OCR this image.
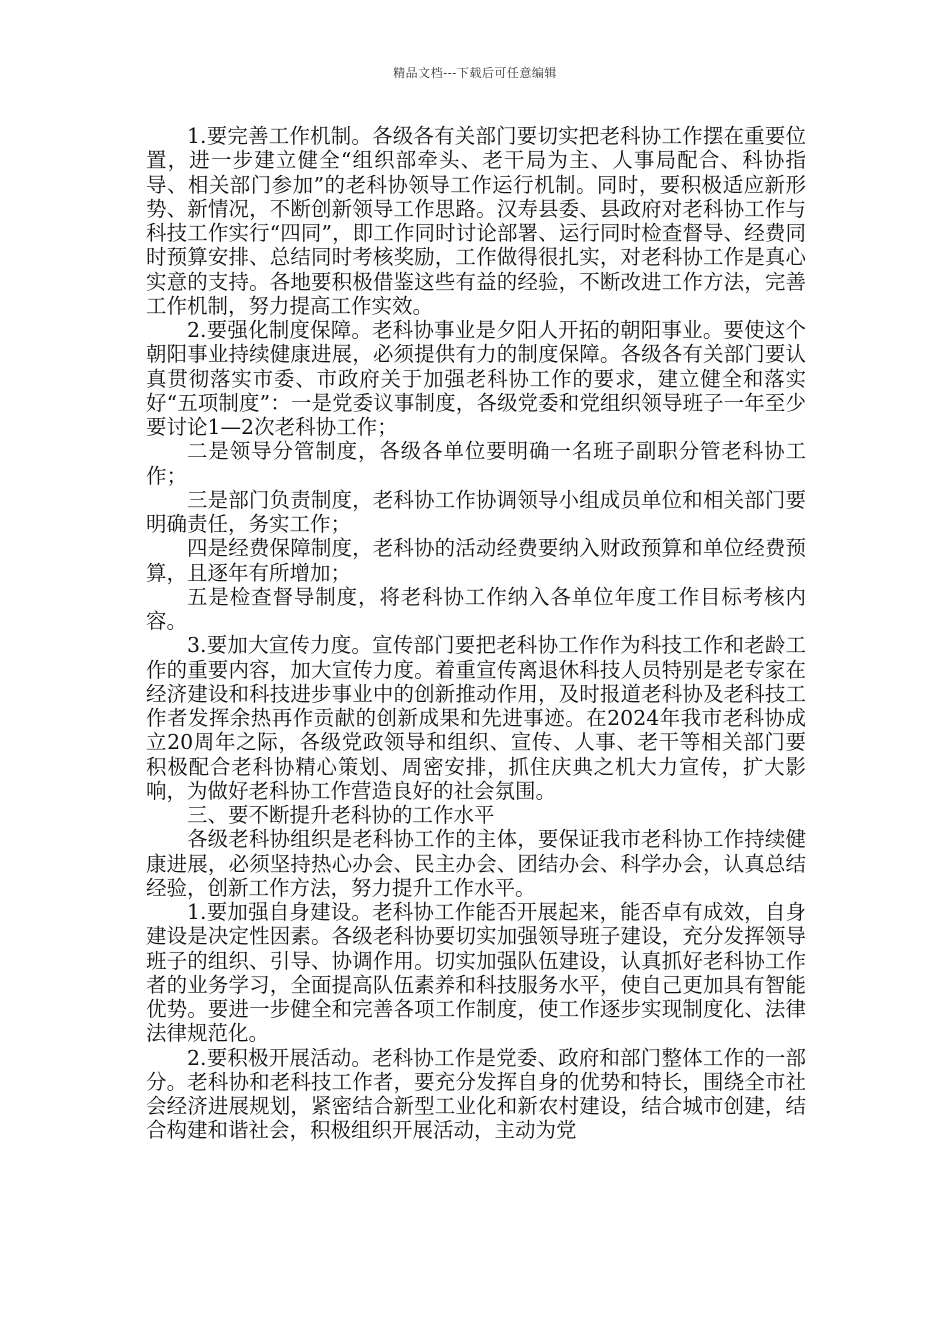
精品文档---下载后可任意编辑

1.要完善工作机制。各级各有关部门要切实把老科协工作摆在重要位置，进一步建立健全“组织部牵头、老干局为主、人事局配合、科协指导、相关部门参加”的老科协领导工作运行机制。同时，要积极适应新形势、新情况，不断创新领导工作思路。汉寿县委、县政府对老科协工作与科技工作实行“四同”，即工作同时讨论部署、运行同时检查督导、经费同时预算安排、总结同时考核奖励，工作做得很扎实，对老科协工作是真心实意的支持。各地要积极借鉴这些有益的经验，不断改进工作方法，完善工作机制，努力提高工作实效。

2.要强化制度保障。老科协事业是夕阳人开拓的朝阳事业。要使这个朝阳事业持续健康进展，必须提供有力的制度保障。各级各有关部门要认真贯彻落实市委、市政府关于加强老科协工作的要求，建立健全和落实好“五项制度”：一是党委议事制度，各级党委和党组织领导班子一年至少要讨论1—2次老科协工作；

二是领导分管制度，各级各单位要明确一名班子副职分管老科协工作；

三是部门负责制度，老科协工作协调领导小组成员单位和相关部门要明确责任，务实工作；

四是经费保障制度，老科协的活动经费要纳入财政预算和单位经费预算，且逐年有所增加；

五是检查督导制度，将老科协工作纳入各单位年度工作目标考核内容。

3.要加大宣传力度。宣传部门要把老科协工作作为科技工作和老龄工作的重要内容，加大宣传力度。着重宣传离退休科技人员特别是老专家在经济建设和科技进步事业中的创新推动作用，及时报道老科协及老科技工作者发挥余热再作贡献的创新成果和先进事迹。在2024年我市老科协成立20周年之际，各级党政领导和组织、宣传、人事、老干等相关部门要积极配合老科协精心策划、周密安排，抓住庆典之机大力宣传，扩大影响，为做好老科协工作营造良好的社会氛围。

三、要不断提升老科协的工作水平

各级老科协组织是老科协工作的主体，要保证我市老科协工作持续健康进展，必须坚持热心办会、民主办会、团结办会、科学办会，认真总结经验，创新工作方法，努力提升工作水平。

1.要加强自身建设。老科协工作能否开展起来，能否卓有成效，自身建设是决定性因素。各级老科协要切实加强领导班子建设，充分发挥领导班子的组织、引导、协调作用。切实加强队伍建设，认真抓好老科协工作者的业务学习，全面提高队伍素养和科技服务水平，使自己更加具有智能优势。要进一步健全和完善各项工作制度，使工作逐步实现制度化、法律法律规范化。

2.要积极开展活动。老科协工作是党委、政府和部门整体工作的一部分。老科协和老科技工作者，要充分发挥自身的优势和特长，围绕全市社会经济进展规划，紧密结合新型工业化和新农村建设，结合城市创建，结合构建和谐社会，积极组织开展活动，主动为党
